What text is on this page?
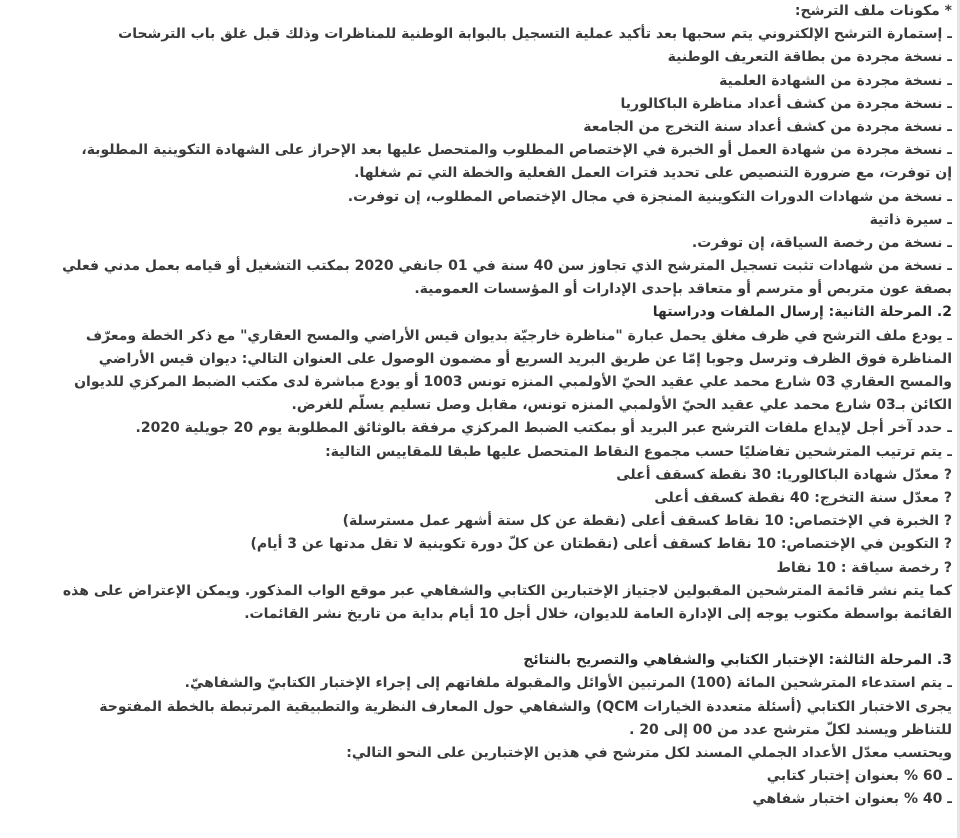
* مكونات ملف الترشح:
ـ إستمارة الترشح الإلكتروني يتم سحبها بعد تأكيد عملية التسجيل بالبوابة الوطنية للمناظرات وذلك قبل غلق باب الترشحات
ـ نسخة مجردة من بطاقة التعريف الوطنية
ـ نسخة مجردة من الشهادة العلمية
ـ نسخة مجردة من كشف أعداد مناظرة الباكالوريا
ـ نسخة مجردة من كشف أعداد سنة التخرج من الجامعة
ـ نسخة مجردة من شهادة العمل أو الخبرة في الإختصاص المطلوب والمتحصل عليها بعد الإحراز على الشهادة التكوينية المطلوبة،
إن توفرت، مع ضرورة التنصيص على تحديد فترات العمل الفعلية والخطة التي تم شغلها.
ـ نسخة من شهادات الدورات التكوينية المنجزة في مجال الإختصاص المطلوب، إن توفرت.
ـ سيرة ذاتية
ـ نسخة من رخصة السياقة، إن توفرت.
ـ نسخة من شهادات تثبت تسجيل المترشح الذي تجاوز سن 40 سنة في 01 جانفي 2020 بمكتب التشغيل أو قيامه بعمل مدني فعلي
بصفة عون متربص أو مترسم أو متعاقد بإحدى الإدارات أو المؤسسات العمومية.
2. المرحلة الثانية: إرسال الملفات ودراستها
ـ يودع ملف الترشح في ظرف مغلق يحمل عبارة "مناظرة خارجيّة بديوان قيس الأراضي والمسح العقاري" مع ذكر الخطة ومعرّف
المناظرة فوق الظرف وترسل وجوبا إمّا عن طريق البريد السريع أو مضمون الوصول على العنوان التالي: ديوان قيس الأراضي
والمسح العقاري 03 شارع محمد علي عقيد الحيّ الأولمبي المنزه تونس 1003 أو يودع مباشرة لدى مكتب الضبط المركزي للديوان
الكائن بـ03 شارع محمد علي عقيد الحيّ الأولمبي المنزه تونس، مقابل وصل تسليم يسلّم للغرض.
ـ حدد آخر أجل لإيداع ملفات الترشح عبر البريد أو بمكتب الضبط المركزي مرفقة بالوثائق المطلوبة يوم 20 جويلية 2020.
ـ يتم ترتيب المترشحين تفاضليًا حسب مجموع النقاط المتحصل عليها طبقا للمقاييس التالية:
? معدّل شهادة الباكالوريا: 30 نقطة كسقف أعلى
? معدّل سنة التخرج: 40 نقطة كسقف أعلى
? الخبرة في الإختصاص: 10 نقاط كسقف أعلى (نقطة عن كل ستة أشهر عمل مسترسلة)
? التكوين في الإختصاص: 10 نقاط كسقف أعلى (نقطتان عن كلّ دورة تكوينية لا تقل مدتها عن 3 أيام)
? رخصة سياقة : 10 نقاط
كما يتم نشر قائمة المترشحين المقبولين لاجتياز الإختبارين الكتابي والشفاهي عبر موقع الواب المذكور. ويمكن الإعتراض على هذه
القائمة بواسطة مكتوب يوجه إلى الإدارة العامة للديوان، خلال أجل 10 أيام بداية من تاريخ نشر القائمات.
3. المرحلة الثالثة: الإختبار الكتابي والشفاهي والتصريح بالنتائج
ـ يتم استدعاء المترشحين المائة (100) المرتبين الأوائل والمقبولة ملفاتهم إلى إجراء الإختبار الكتابيّ والشفاهيّ.
يجرى الاختبار الكتابي (أسئلة متعددة الخيارات QCM) والشفاهي حول المعارف النظرية والتطبيقية المرتبطة بالخطة المفتوحة
للتناظر ويسند لكلّ مترشح عدد من 00 إلى 20 .
ويحتسب معدّل الأعداد الجملي المسند لكل مترشح في هذين الإختبارين على النحو التالي:
ـ 60 % بعنوان إختبار كتابي
ـ 40 % بعنوان اختبار شفاهي
